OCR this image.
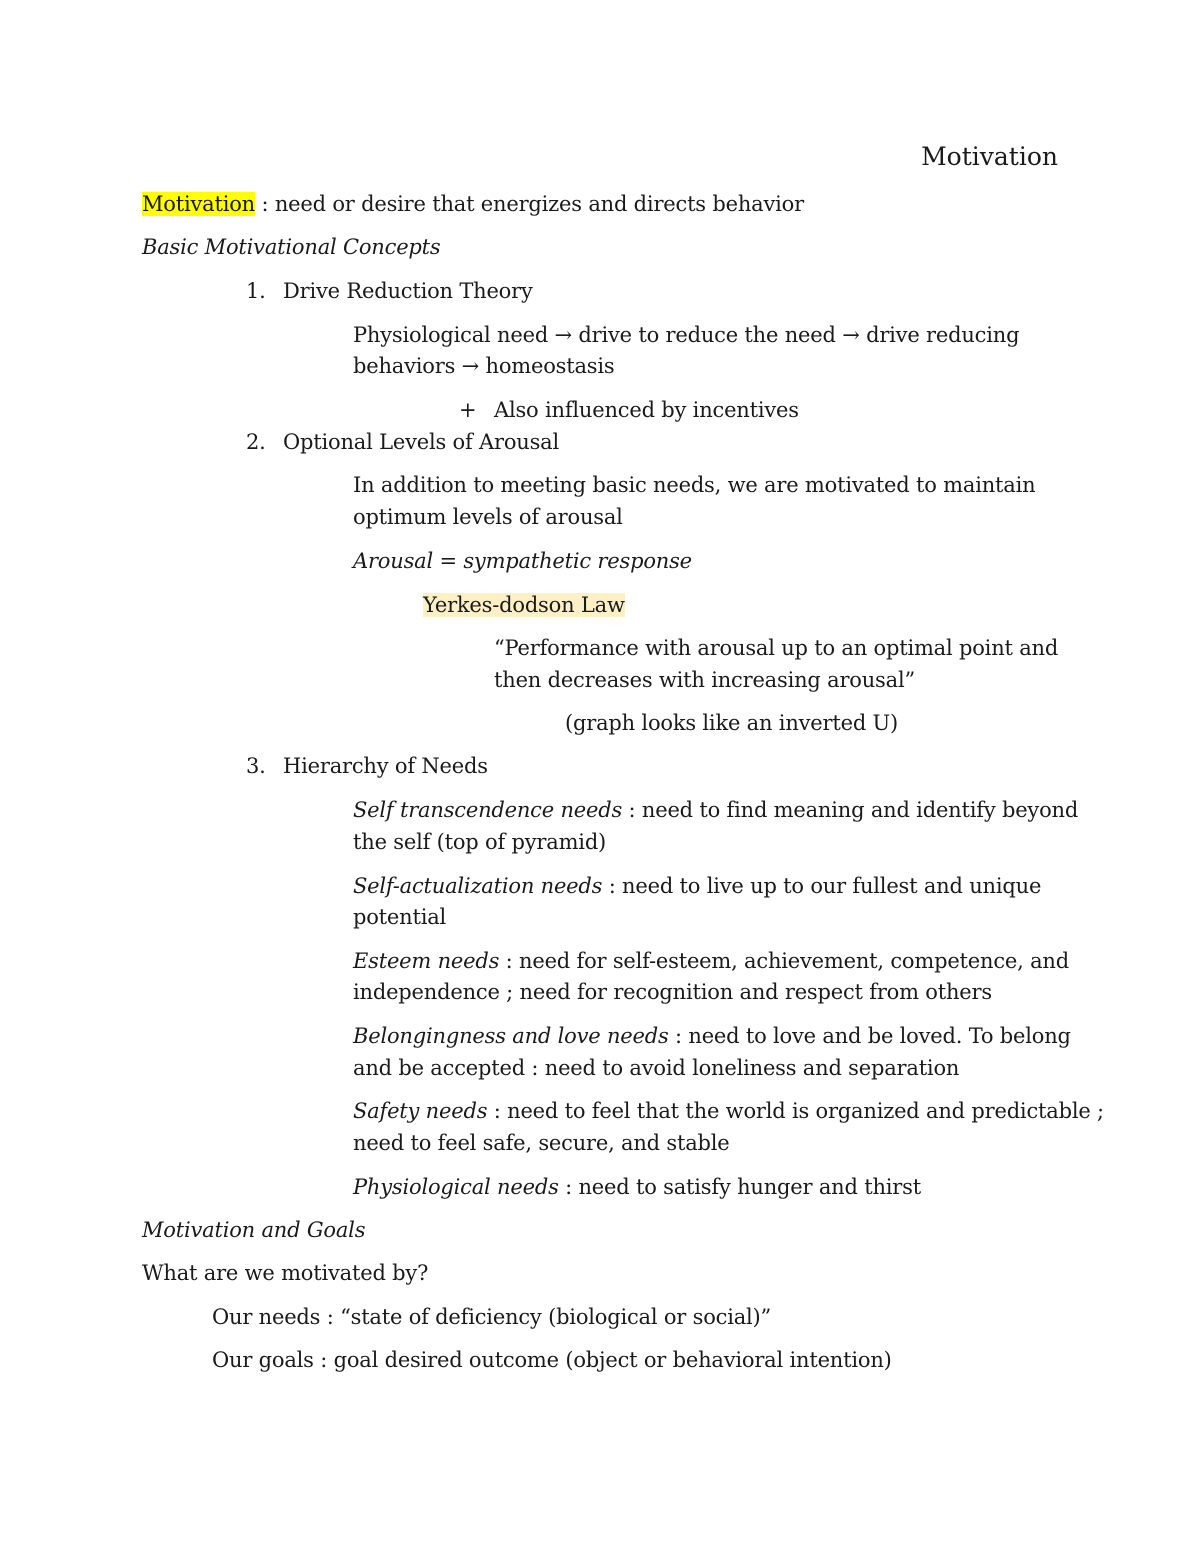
Motivation
Motivation : need or desire that energizes and directs behavior
Basic Motivational Concepts
1. Drive Reduction Theory
Physiological need → drive to reduce the need → drive reducing
behaviors → homeostasis
+ Also influenced by incentives
2. Optional Levels of Arousal
In addition to meeting basic needs, we are motivated to maintain
optimum levels of arousal
Arousal = sympathetic response
Yerkes-dodson Law
“Performance with arousal up to an optimal point and
then decreases with increasing arousal”
(graph looks like an inverted U)
3. Hierarchy of Needs
Self transcendence needs : need to find meaning and identify beyond
the self (top of pyramid)
Self-actualization needs : need to live up to our fullest and unique
potential
Esteem needs : need for self-esteem, achievement, competence, and
independence ; need for recognition and respect from others
Belongingness and love needs : need to love and be loved. To belong
and be accepted : need to avoid loneliness and separation
Safety needs : need to feel that the world is organized and predictable ;
need to feel safe, secure, and stable
Physiological needs : need to satisfy hunger and thirst
Motivation and Goals
What are we motivated by?
Our needs : “state of deficiency (biological or social)”
Our goals : goal desired outcome (object or behavioral intention)
